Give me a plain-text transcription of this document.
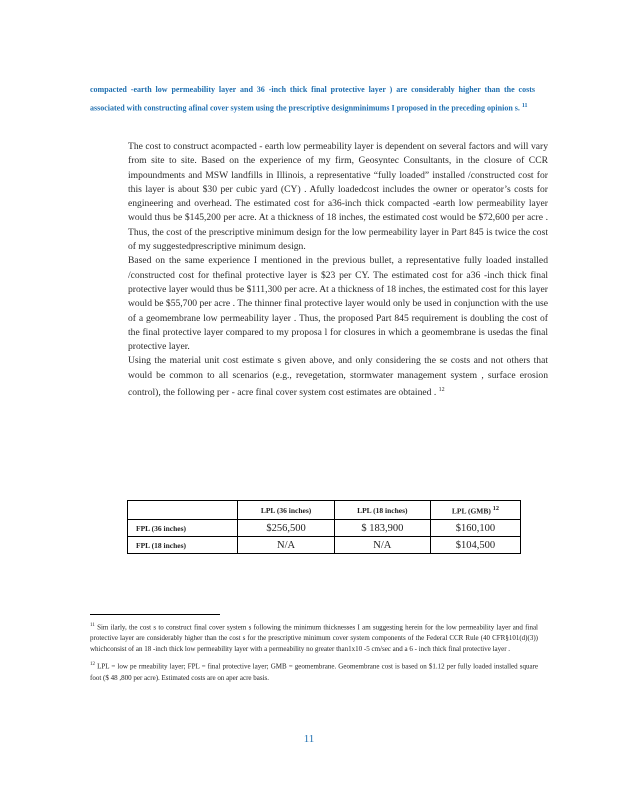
compacted -earth low permeability layer and 36 -inch thick final protective layer ) are considerably higher than the costs associated with constructing afinal cover system using the prescriptive designminimums I proposed in the preceding opinion s. $^{11}$
The cost to construct acompacted - earth low permeability layer is dependent on several factors and will vary from site to site. Based on the experience of my firm, Geosyntec Consultants, in the closure of CCR impoundments and MSW landfills in Illinois, a representative “fully loaded” installed /constructed cost for this layer is about $30 per cubic yard (CY) . Afully loadedcost includes the owner or operator’s costs for engineering and overhead. The estimated cost for a36-inch thick compacted -earth low permeability layer would thus be $145,200 per acre. At a thickness of 18 inches, the estimated cost would be $72,600 per acre . Thus, the cost of the prescriptive minimum design for the low permeability layer in Part 845 is twice the cost of my suggestedprescriptive minimum design.
Based on the same experience I mentioned in the previous bullet, a representative fully loaded installed /constructed cost for thefinal protective layer is $23 per CY. The estimated cost for a36 -inch thick final protective layer would thus be $111,300 per acre. At a thickness of 18 inches, the estimated cost for this layer would be $55,700 per acre . The thinner final protective layer would only be used in conjunction with the use of a geomembrane low permeability layer . Thus, the proposed Part 845 requirement is doubling the cost of the final protective layer compared to my proposa l for closures in which a geomembrane is usedas the final protective layer.
Using the material unit cost estimate s given above, and only considering the se costs and not others that would be common to all scenarios (e.g., revegetation, stormwater management system , surface erosion control), the following per - acre final cover system cost estimates are obtained . $^{12}$
	LPL (36 inches)	LPL (18 inches)	LPL (GMB) $^{12}$
FPL (36 inches)	$256,500	$ 183,900	$160,100
FPL (18 inches)	N/A	N/A	$104,500
$^{11}$ Sim ilarly, the cost s to construct final cover system s following the minimum thicknesses I am suggesting herein for the low permeability layer and final protective layer are considerably higher than the cost s for the prescriptive minimum cover system components of the Federal CCR Rule (40 CFR§101(d)(3)) whichconsist of an 18 -inch thick low permeability layer with a permeability no greater than1x10 -5 cm/sec and a 6 - inch thick final protective layer .
$^{12}$ LPL = low pe rmeability layer; FPL = final protective layer; GMB = geomembrane. Geomembrane cost is based on $1.12 per fully loaded installed square foot ($ 48 ,800 per acre). Estimated costs are on aper acre basis.
11
